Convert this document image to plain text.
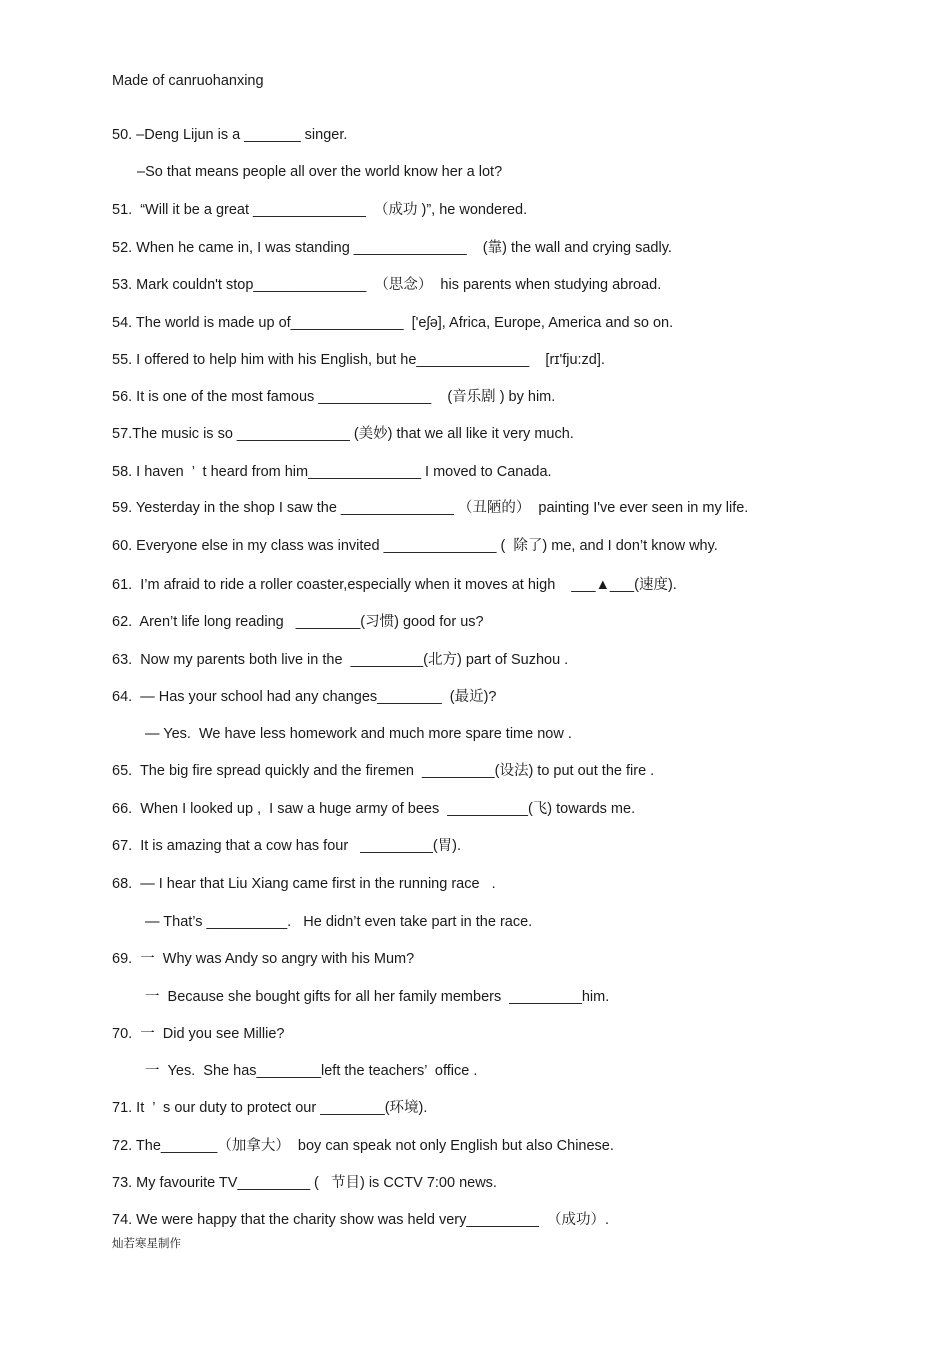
Made of canruohanxing
50. –Deng Lijun is a _______ singer.
–So that means people all over the world know her a lot?
51.  “Will it be a great ______________  （成功 )”, he wondered.
52. When he came in, I was standing ______________    (靠) the wall and crying sadly.
53. Mark couldn't stop______________  （思念）  his parents when studying abroad.
54. The world is made up of______________  ['eʃə], Africa, Europe, America and so on.
55. I offered to help him with his English, but he______________    [rɪ'fju:zd].
56. It is one of the most famous ______________    (音乐剧 ) by him.
57.The music is so ______________ (美妙) that we all like it very much.
58. I haven  ’  t heard from him______________ I moved to Canada.
59. Yesterday in the shop I saw the ______________ （丑陋的）  painting I've ever seen in my life.
60. Everyone else in my class was invited ______________ (  除了) me, and I don’t know why.
61.  I’m afraid to ride a roller coaster,especially when it moves at high    ___▲___(速度).
62.  Aren’t life long reading   ________(习惯) good for us?
63.  Now my parents both live in the  _________(北方) part of Suzhou .
64.  — Has your school had any changes________  (最近)?
— Yes.  We have less homework and much more spare time now .
65.  The big fire spread quickly and the firemen  _________(设法) to put out the fire .
66.  When I looked up ,  I saw a huge army of bees  __________(飞) towards me.
67.  It is amazing that a cow has four   _________(胃).
68.  — I hear that Liu Xiang came first in the running race   .
— That’s __________.   He didn’t even take part in the race.
69.  一  Why was Andy so angry with his Mum?
一  Because she bought gifts for all her family members  _________him.
70.  一  Did you see Millie?
一  Yes.  She has________left the teachers’  office .
71. It  ’  s our duty to protect our ________(环境).
72. The_______（加拿大）  boy can speak not only English but also Chinese.
73. My favourite TV_________ (   节目) is CCTV 7:00 news.
74. We were happy that the charity show was held very_________  （成功）.
灿若寒星制作
